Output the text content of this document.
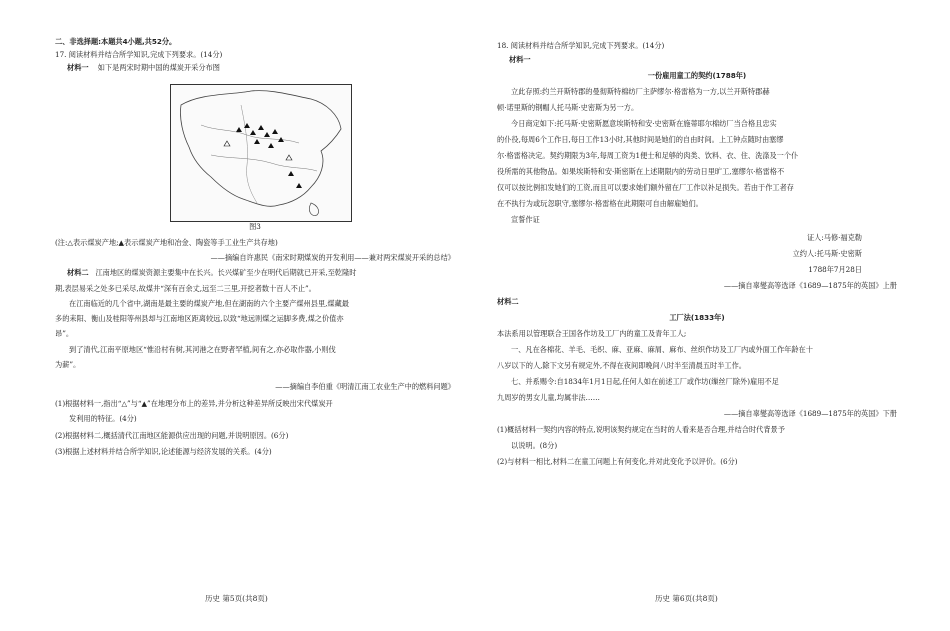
二、非选择题:本题共4小题,共52分。

17. 阅读材料并结合所学知识,完成下列要求。(14分)

材料一 如下是两宋时期中国的煤炭开采分布图

图3

(注:△表示煤炭产地;▲表示煤炭产地和冶金、陶瓷等手工业生产共存地)

——摘编自许惠民《南宋时期煤炭的开发利用——兼对两宋煤炭开采的总结》

材料二 江南地区的煤炭资源主要集中在长兴。长兴煤矿至少在明代后期就已开采,至乾隆时

期,表层易采之处多已采尽,故煤井“深有百余丈,远至二三里,开挖者数十百人不止”。

在江南临近的几个省中,湖南是最主要的煤炭产地,但在湖南的六个主要产煤州县里,煤藏最

多的耒阳、衡山及桂阳等州县却与江南地区距离较远,以致“地远则煤之运脚多费,煤之价值亦

昂”。

到了清代,江南平原地区“惟沿村有树,其河港之在野者罕植,间有之,亦必取作器,小则伐

为薪”。

——摘编自李伯重《明清江南工农业生产中的燃料问题》

(1)根据材料一,指出“△”与“▲”在地理分布上的差异,并分析这种差异所反映出宋代煤炭开

发利用的特征。(4分)

(2)根据材料二,概括清代江南地区能源供应出现的问题,并说明原因。(6分)

(3)根据上述材料并结合所学知识,论述能源与经济发展的关系。(4分)

历史 第5页(共8页)

18. 阅读材料并结合所学知识,完成下列要求。(14分)

材料一

一份雇用童工的契约(1788年)

立此存照:约兰开斯特郡的曼彻斯特棉纺厂主萨缪尔·格雷格为一方,以兰开斯特郡赫

顿·诺里斯的钢帽人托马斯·史密斯为另一方。

今日商定如下:托马斯·史密斯愿意埃斯特和安·史密斯在施蒂耶尔棉纺厂当合格且忠实

的仆役,每周6个工作日,每日工作13小时,其他时间是她们的自由时间。上工钟点随时由塞缪

尔·格雷格决定。契约期限为3年,每周工资为1便士和足够的肉类、饮料、衣、住、洗涤及一个仆

役所需的其他物品。如果埃斯特和安·斯密斯在上述期限内的劳动日里旷工,塞缪尔·格雷格不

仅可以按比例扣发她们的工资,而且可以要求她们额外留在厂工作以补足损失。若由于作工者存

在不执行为或玩忽职守,塞缪尔·格雷格在此期限可自由解雇她们。

宣誓作证

证人:马修·福克勒

立约人:托马斯·史密斯

1788年7月28日

——摘自辜燮高等选译《1689—1875年的英国》上册

材料二

工厂法(1833年)

本法系用以管理联合王国各作坊及工厂内的童工及青年工人;

一、凡在各棉花、羊毛、毛织、麻、亚麻、麻屑、麻布、丝织作坊及工厂内或外面工作年龄在十

八岁以下的人,除下文另有规定外,不得在夜间即晚间八时半至清晨五时半工作。

七、并系赐令:自1834年1月1日起,任何人如在前述工厂或作坊(缫丝厂除外)雇用不足

九周岁的男女儿童,均属非法……

——摘自辜燮高等选译《1689—1875年的英国》下册

(1)概括材料一契约内容的特点,说明该契约规定在当时的人看来是否合理,并结合时代背景予

以说明。(8分)

(2)与材料一相比,材料二在童工问题上有何变化,并对此变化予以评价。(6分)

历史 第6页(共8页)
